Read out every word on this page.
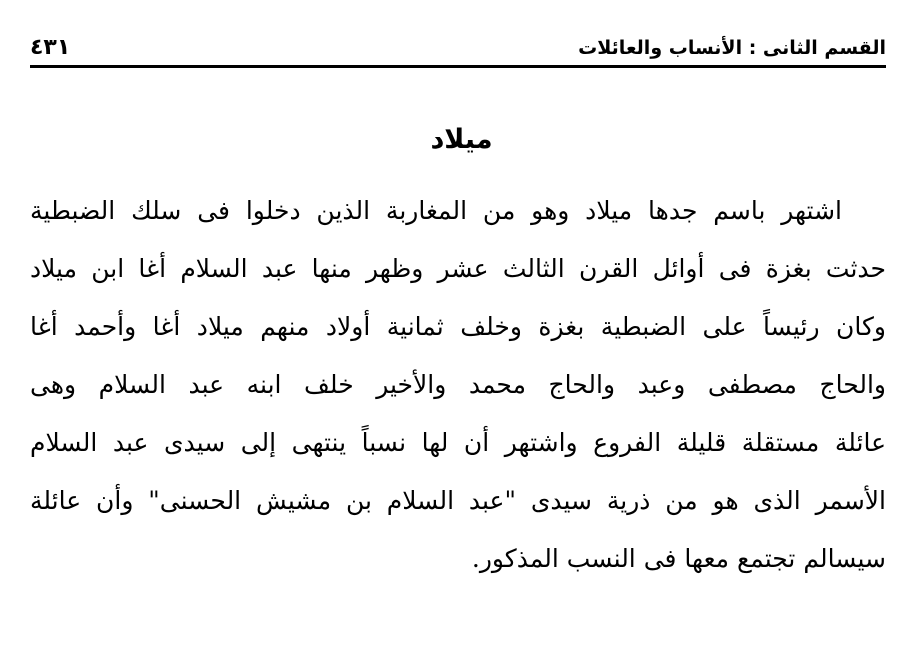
القسم الثانى : الأنساب والعائلات
٤٣١
ميلاد
اشتهر باسم جدها ميلاد وهو من المغاربة الذين دخلوا فى سلك الضبطية
حدثت بغزة فى أوائل القرن الثالث عشر وظهر منها عبد السلام أغا ابن ميلاد
وكان رئيساً على الضبطية بغزة وخلف ثمانية أولاد منهم ميلاد أغا وأحمد أغا
والحاج مصطفى وعبد والحاج محمد والأخير خلف ابنه عبد السلام وهى
عائلة مستقلة قليلة الفروع واشتهر أن لها نسباً ينتهى إلى سيدى عبد السلام
الأسمر الذى هو من ذرية سيدى "عبد السلام بن مشيش الحسنى" وأن عائلة
سيسالم تجتمع معها فى النسب المذكور.
